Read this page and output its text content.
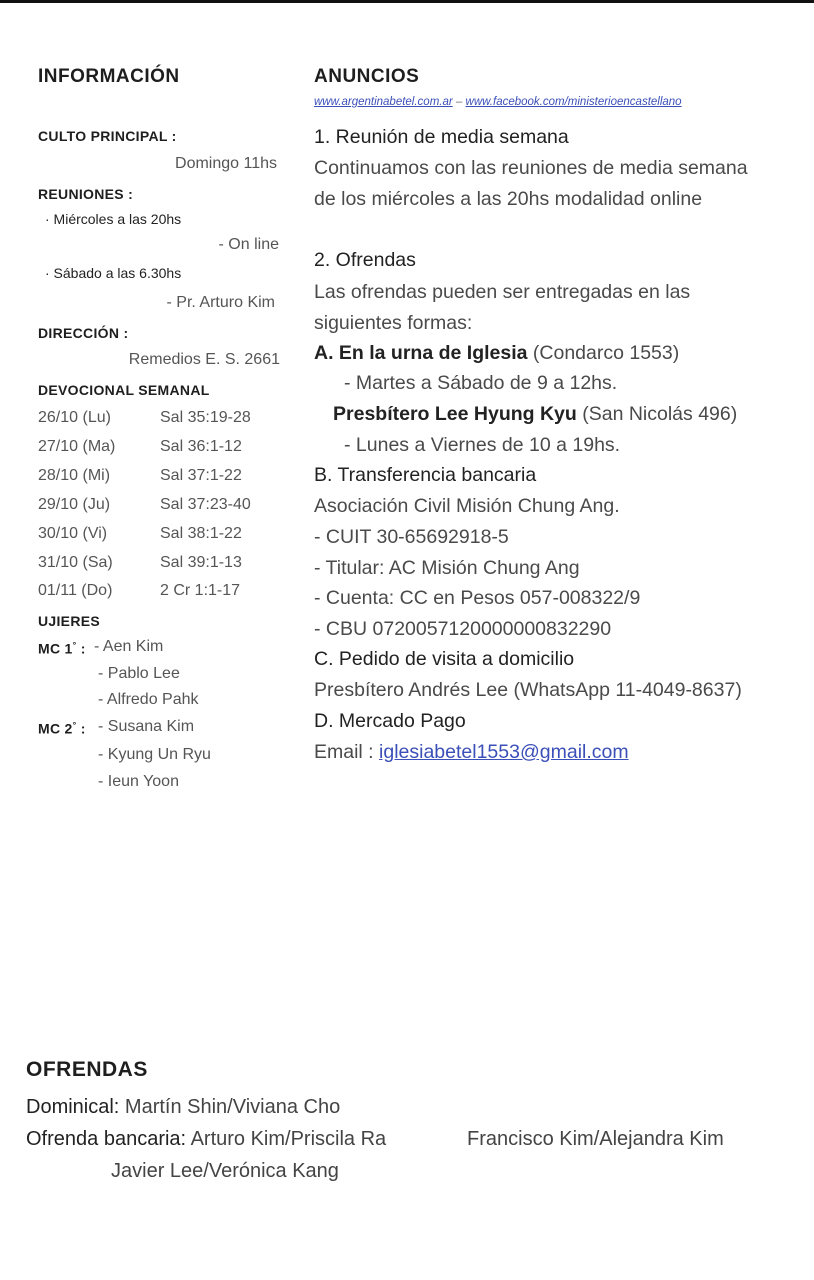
INFORMACIÓN
CULTO PRINCIPAL :
Domingo 11hs
REUNIONES :
· Miércoles a las 20hs
- On line
· Sábado a las 6.30hs
- Pr. Arturo Kim
DIRECCIÓN :
Remedios E. S. 2661
DEVOCIONAL SEMANAL
26/10 (Lu)	Sal 35:19-28
27/10 (Ma)	Sal 36:1-12
28/10 (Mi)	Sal 37:1-22
29/10 (Ju)	Sal 37:23-40
30/10 (Vi)	Sal 38:1-22
31/10 (Sa)	Sal 39:1-13
01/11 (Do)	2 Cr 1:1-17
UJIERES
MC 1° : - Aen Kim
- Pablo Lee
- Alfredo Pahk
MC 2° : - Susana Kim
- Kyung Un Ryu
- Ieun Yoon
ANUNCIOS
www.argentinabetel.com.ar – www.facebook.com/ministerioencastellano
1. Reunión de media semana
Continuamos con las reuniones de media semana
de los miércoles a las 20hs modalidad online
2. Ofrendas
Las ofrendas pueden ser entregadas en las
siguientes formas:
A. En la urna de Iglesia (Condarco 1553)
- Martes a Sábado de 9 a 12hs.
Presbítero Lee Hyung Kyu (San Nicolás 496)
- Lunes a Viernes de 10 a 19hs.
B. Transferencia bancaria
Asociación Civil Misión Chung Ang.
- CUIT 30-65692918-5
- Titular: AC Misión Chung Ang
- Cuenta: CC en Pesos 057-008322/9
- CBU 0720057120000000832290
C. Pedido de visita a domicilio
Presbítero Andrés Lee (WhatsApp 11-4049-8637)
D. Mercado Pago
Email : iglesiabetel1553@gmail.com
OFRENDAS
Dominical: Martín Shin/Viviana Cho
Ofrenda bancaria: Arturo Kim/Priscila Ra	Francisco Kim/Alejandra Kim
Javier Lee/Verónica Kang
